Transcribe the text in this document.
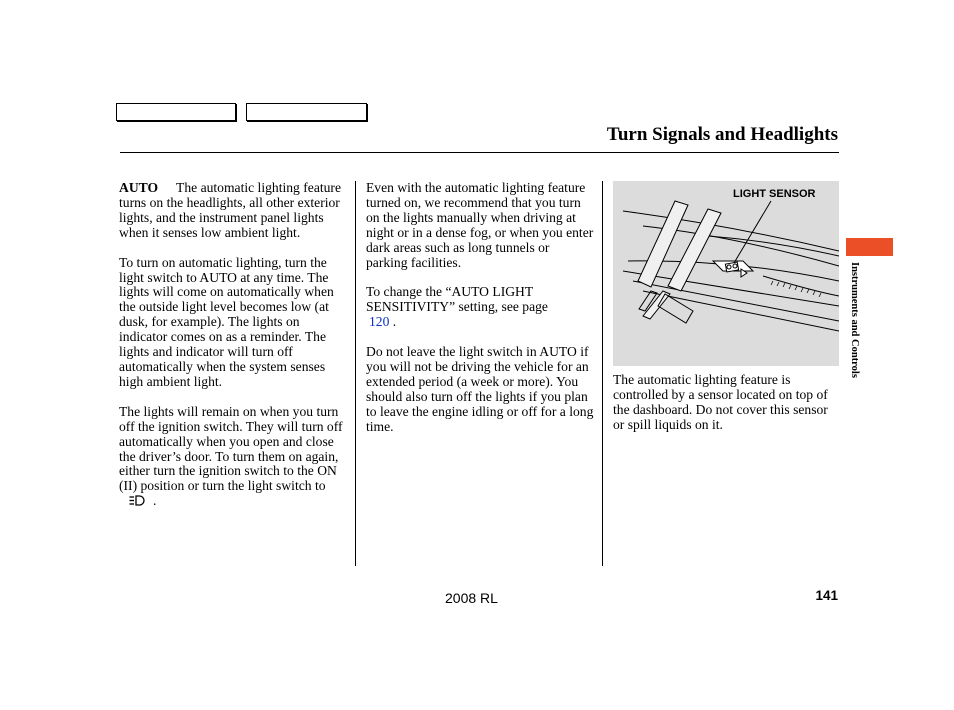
Turn Signals and Headlights

AUTO The automatic lighting feature turns on the headlights, all other exterior lights, and the instrument panel lights when it senses low ambient light.

To turn on automatic lighting, turn the light switch to AUTO at any time. The lights will come on automatically when the outside light level becomes low (at dusk, for example). The lights on indicator comes on as a reminder. The lights and indicator will turn off automatically when the system senses high ambient light.

The lights will remain on when you turn off the ignition switch. They will turn off automatically when you open and close the driver’s door. To turn them on again, either turn the ignition switch to the ON (II) position or turn the light switch to
.

Even with the automatic lighting feature turned on, we recommend that you turn on the lights manually when driving at night or in a dense fog, or when you enter dark areas such as long tunnels or parking facilities.

To change the “AUTO LIGHT SENSITIVITY” setting, see page
120 .

Do not leave the light switch in AUTO if you will not be driving the vehicle for an extended period (a week or more). You should also turn off the lights if you plan to leave the engine idling or off for a long time.

LIGHT SENSOR

The automatic lighting feature is controlled by a sensor located on top of the dashboard. Do not cover this sensor or spill liquids on it.

Instruments and Controls
2008 RL	141
